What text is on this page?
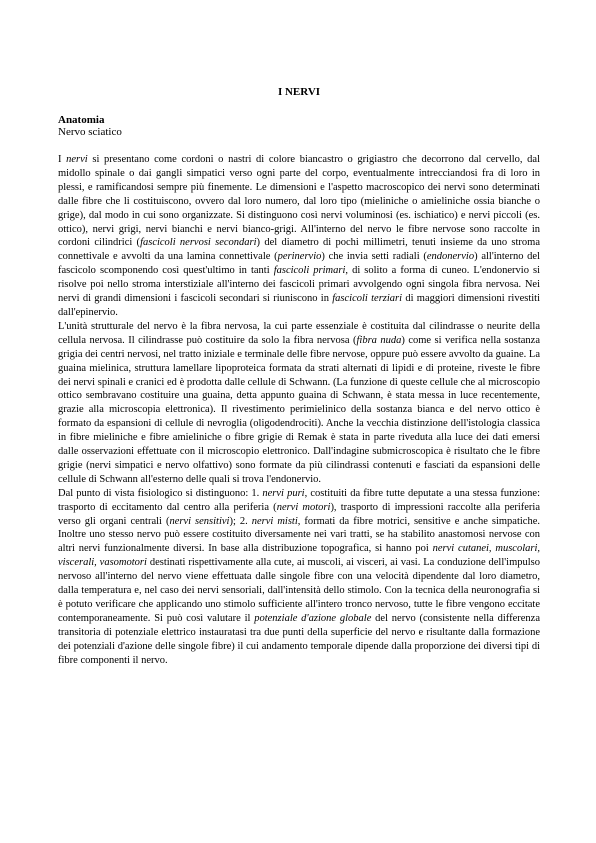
I NERVI
Anatomia
Nervo sciatico

I nervi si presentano come cordoni o nastri di colore biancastro o grigiastro che decorrono dal cervello, dal midollo spinale o dai gangli simpatici verso ogni parte del corpo, eventualmente intrecciandosi fra di loro in plessi, e ramificandosi sempre più finemente. Le dimensioni e l'aspetto macroscopico dei nervi sono determinati dalle fibre che li costituiscono, ovvero dal loro numero, dal loro tipo (mieliniche o amieliniche ossia bianche o grige), dal modo in cui sono organizzate. Si distinguono così nervi voluminosi (es. ischiatico) e nervi piccoli (es. ottico), nervi grigi, nervi bianchi e nervi bianco-grigi. All'interno del nervo le fibre nervose sono raccolte in cordoni cilindrici (fascicoli nervosi secondari) del diametro di pochi millimetri, tenuti insieme da uno stroma connettivale e avvolti da una lamina connettivale (perinervio) che invia setti radiali (endonervio) all'interno del fascicolo scomponendo così quest'ultimo in tanti fascicoli primari, di solito a forma di cuneo. L'endonervio si risolve poi nello stroma interstiziale all'interno dei fascicoli primari avvolgendo ogni singola fibra nervosa. Nei nervi di grandi dimensioni i fascicoli secondari si riuniscono in fascicoli terziari di maggiori dimensioni rivestiti dall'epinervio.

L'unità strutturale del nervo è la fibra nervosa, la cui parte essenziale è costituita dal cilindrasse o neurite della cellula nervosa. Il cilindrasse può costituire da solo la fibra nervosa (fibra nuda) come si verifica nella sostanza grigia dei centri nervosi, nel tratto iniziale e terminale delle fibre nervose, oppure può essere avvolto da guaine. La guaina mielinica, struttura lamellare lipoproteica formata da strati alternati di lipidi e di proteine, riveste le fibre dei nervi spinali e cranici ed è prodotta dalle cellule di Schwann. (La funzione di queste cellule che al microscopio ottico sembravano costituire una guaina, detta appunto guaina di Schwann, è stata messa in luce recentemente, grazie alla microscopia elettronica). Il rivestimento perimielinico della sostanza bianca e del nervo ottico è formato da espansioni di cellule di nevroglia (oligodendrociti). Anche la vecchia distinzione dell'istologia classica in fibre mieliniche e fibre amieliniche o fibre grigie di Remak è stata in parte riveduta alla luce dei dati emersi dalle osservazioni effettuate con il microscopio elettronico. Dall'indagine submicroscopica è risultato che le fibre grigie (nervi simpatici e nervo olfattivo) sono formate da più cilindrassi contenuti e fasciati da espansioni delle cellule di Schwann all'esterno delle quali si trova l'endonervio.

Dal punto di vista fisiologico si distinguono: 1. nervi puri, costituiti da fibre tutte deputate a una stessa funzione: trasporto di eccitamento dal centro alla periferia (nervi motori), trasporto di impressioni raccolte alla periferia verso gli organi centrali (nervi sensitivi); 2. nervi misti, formati da fibre motrici, sensitive e anche simpatiche. Inoltre uno stesso nervo può essere costituito diversamente nei vari tratti, se ha stabilito anastomosi nervose con altri nervi funzionalmente diversi. In base alla distribuzione topografica, si hanno poi nervi cutanei, muscolari, viscerali, vasomotori destinati rispettivamente alla cute, ai muscoli, ai visceri, ai vasi. La conduzione dell'impulso nervoso all'interno del nervo viene effettuata dalle singole fibre con una velocità dipendente dal loro diametro, dalla temperatura e, nel caso dei nervi sensoriali, dall'intensità dello stimolo. Con la tecnica della neuronografia si è potuto verificare che applicando uno stimolo sufficiente all'intero tronco nervoso, tutte le fibre vengono eccitate contemporaneamente. Si può così valutare il potenziale d'azione globale del nervo (consistente nella differenza transitoria di potenziale elettrico instauratasi tra due punti della superficie del nervo e risultante dalla formazione dei potenziali d'azione delle singole fibre) il cui andamento temporale dipende dalla proporzione dei diversi tipi di fibre componenti il nervo.
